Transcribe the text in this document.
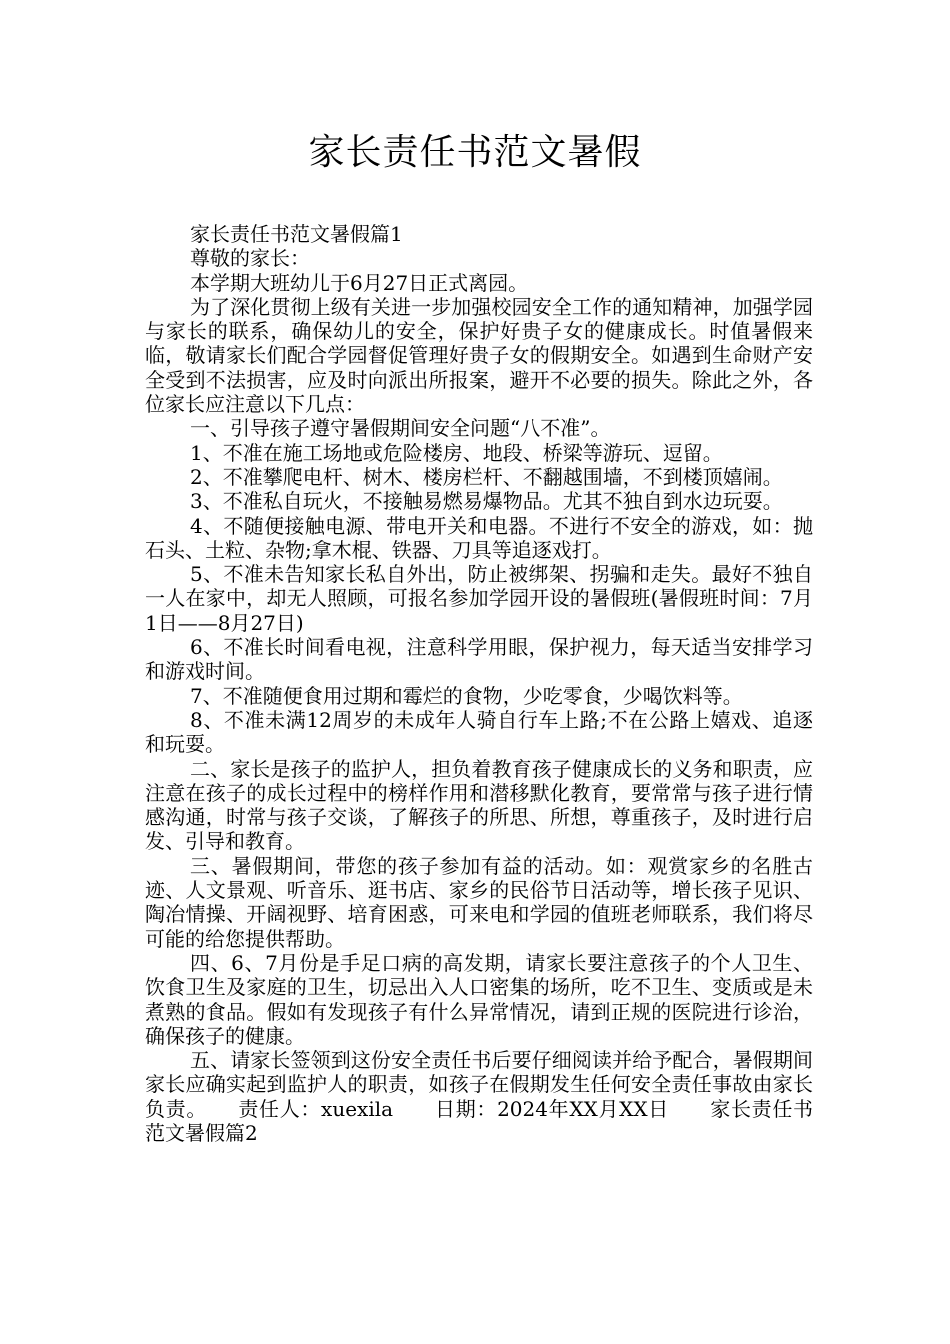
家长责任书范文暑假

家长责任书范文暑假篇1

尊敬的家长：

本学期大班幼儿于6月27日正式离园。

为了深化贯彻上级有关进一步加强校园安全工作的通知精神，加强学园与家长的联系，确保幼儿的安全，保护好贵子女的健康成长。时值暑假来临，敬请家长们配合学园督促管理好贵子女的假期安全。如遇到生命财产安全受到不法损害，应及时向派出所报案，避开不必要的损失。除此之外，各位家长应注意以下几点：

一、引导孩子遵守暑假期间安全问题“八不准”。

1、不准在施工场地或危险楼房、地段、桥梁等游玩、逗留。

2、不准攀爬电杆、树木、楼房栏杆、不翻越围墙，不到楼顶嬉闹。

3、不准私自玩火，不接触易燃易爆物品。尤其不独自到水边玩耍。

4、不随便接触电源、带电开关和电器。不进行不安全的游戏，如：抛石头、土粒、杂物;拿木棍、铁器、刀具等追逐戏打。

5、不准未告知家长私自外出，防止被绑架、拐骗和走失。最好不独自一人在家中，却无人照顾，可报名参加学园开设的暑假班(暑假班时间：7月1日——8月27日)

6、不准长时间看电视，注意科学用眼，保护视力，每天适当安排学习和游戏时间。

7、不准随便食用过期和霉烂的食物，少吃零食，少喝饮料等。

8、不准未满12周岁的未成年人骑自行车上路;不在公路上嬉戏、追逐和玩耍。

二、家长是孩子的监护人，担负着教育孩子健康成长的义务和职责，应注意在孩子的成长过程中的榜样作用和潜移默化教育，要常常与孩子进行情感沟通，时常与孩子交谈，了解孩子的所思、所想，尊重孩子，及时进行启发、引导和教育。

三、暑假期间，带您的孩子参加有益的活动。如：观赏家乡的名胜古迹、人文景观、听音乐、逛书店、家乡的民俗节日活动等，增长孩子见识、陶冶情操、开阔视野、培育困惑，可来电和学园的值班老师联系，我们将尽可能的给您提供帮助。

四、6、7月份是手足口病的高发期，请家长要注意孩子的个人卫生、饮食卫生及家庭的卫生，切忌出入人口密集的场所，吃不卫生、变质或是未煮熟的食品。假如有发现孩子有什么异常情况，请到正规的医院进行诊治，确保孩子的健康。

五、请家长签领到这份安全责任书后要仔细阅读并给予配合，暑假期间家长应确实起到监护人的职责，如孩子在假期发生任何安全责任事故由家长负责。　　责任人：xuexila　　日期：2024年XX月XX日　　家长责任书范文暑假篇2
